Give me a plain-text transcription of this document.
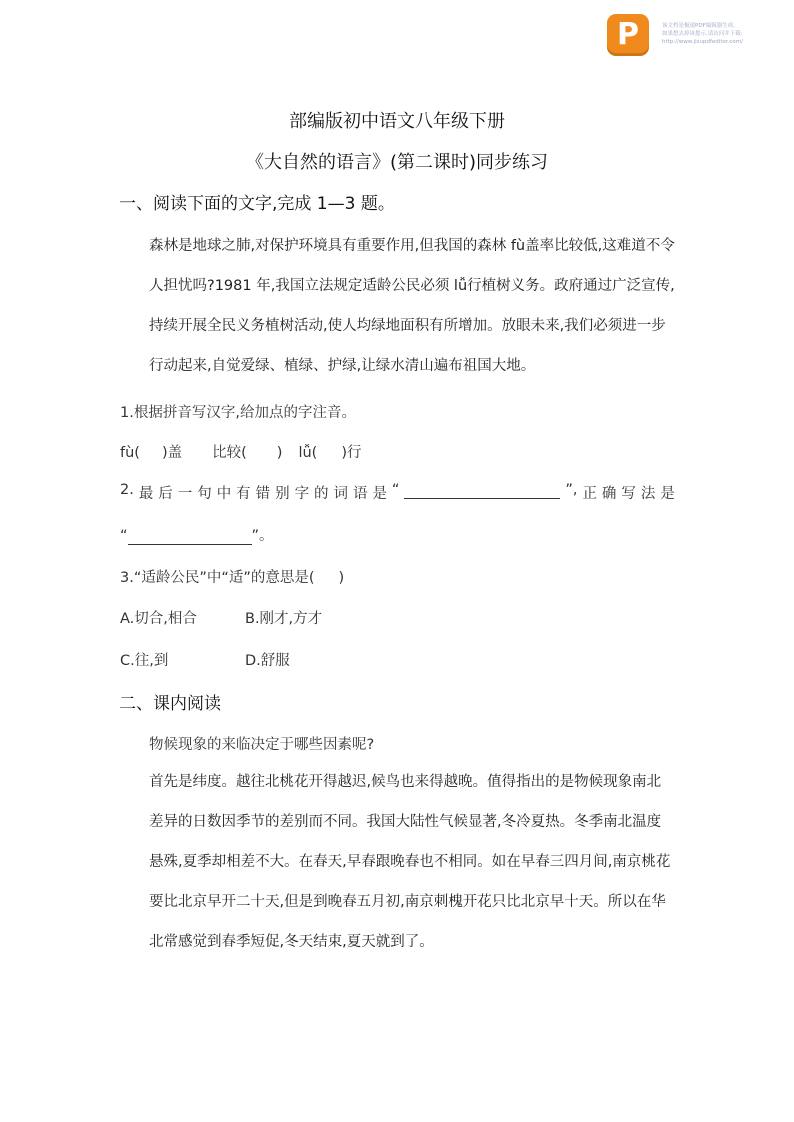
P	该文档是极速PDF编辑器生成,
如果想去掉该提示,请访问并下载:
http://www.jisupdfeditor.com/
部编版初中语文八年级下册
《大自然的语言》(第二课时)同步练习
一、阅读下面的文字,完成 1—3 题。
森林是地球之肺,对保护环境具有重要作用,但我国的森林 fù盖率比较低,这难道不令人担忧吗?1981 年,我国立法规定适龄公民必须 lǚ行植树义务。政府通过广泛宣传,持续开展全民义务植树活动,使人均绿地面积有所增加。放眼未来,我们必须进一步行动起来,自觉爱绿、植绿、护绿,让绿水清山遍布祖国大地。
1.根据拼音写汉字,给加点的字注音。
fù( )盖 比较( ) lǚ( )行
2. 最 后 一 句 中 有 错 别 字 的 词 语 是 “	”, 正 确 写 法 是
“	”。
3.“适龄公民”中“适”的意思是( )
A.切合,相合	B.刚才,方才
C.往,到	D.舒服
二、课内阅读
物候现象的来临决定于哪些因素呢?
首先是纬度。越往北桃花开得越迟,候鸟也来得越晚。值得指出的是物候现象南北差异的日数因季节的差别而不同。我国大陆性气候显著,冬冷夏热。冬季南北温度悬殊,夏季却相差不大。在春天,早春跟晚春也不相同。如在早春三四月间,南京桃花要比北京早开二十天,但是到晚春五月初,南京刺槐开花只比北京早十天。所以在华北常感觉到春季短促,冬天结束,夏天就到了。
